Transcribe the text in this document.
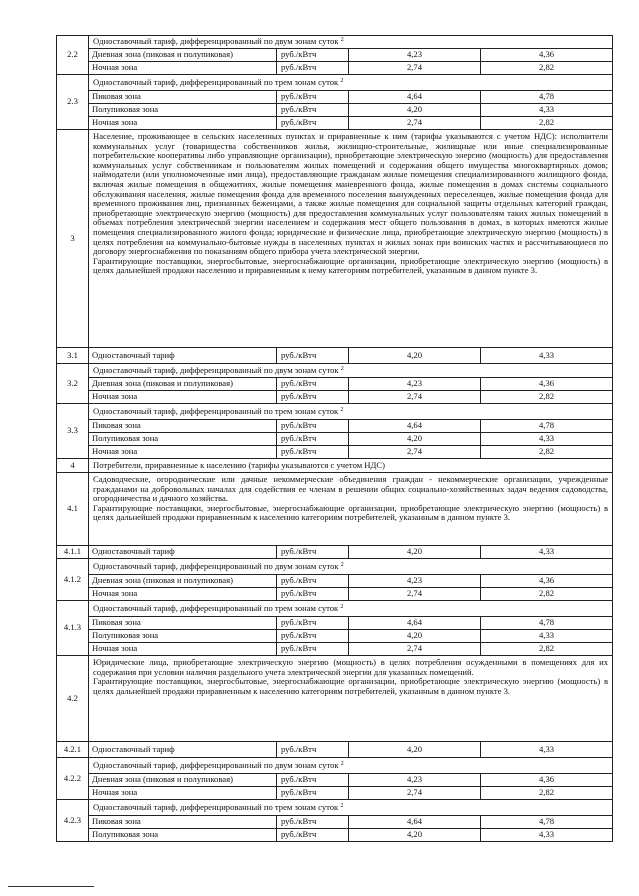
2.2	Одноставочный тариф, дифференцированный по двум зонам суток $^2$
	Дневная зона (пиковая и полупиковая)	руб./кВтч	4,23	4,36
	Ночная зона	руб./кВтч	2,74	2,82
2.3	Одноставочный тариф, дифференцированный по трем зонам суток $^2$
	Пиковая зона	руб./кВтч	4,64	4,78
	Полупиковая зона	руб./кВтч	4,20	4,33
	Ночная зона	руб./кВтч	2,74	2,82
3	Население, проживающее в сельских населенных пунктах и приравненные к ним (тарифы указываются с учетом НДС): исполнители коммунальных услуг (товарищества собственников жилья, жилищно-строительные, жилищные или иные специализированные потребительские кооперативы либо управляющие организации), приобретающие электрическую энергию (мощность) для предоставления коммунальных услуг собственникам и пользователям жилых помещений и содержания общего имущества многоквартирных домов; наймодатели (или уполномоченные ими лица), предоставляющие гражданам жилые помещения специализированного жилищного фонда, включая жилые помещения в общежитиях, жилые помещения маневренного фонда, жилые помещения в домах системы социального обслуживания населения, жилые помещения фонда для временного поселения вынужденных переселенцев, жилые помещения фонда для временного проживания лиц, признанных беженцами, а также жилые помещения для социальной защиты отдельных категорий граждан, приобретающие электрическую энергию (мощность) для предоставления коммунальных услуг пользователям таких жилых помещений в объемах потребления электрической энергии населением и содержания мест общего пользования в домах, в которых имеются жилые помещения специализированного жилого фонда; юридические и физические лица, приобретающие электрическую энергию (мощность) в целях потребления на коммунально-бытовые нужды в населенных пунктах и жилых зонах при воинских частях и рассчитывающиеся по договору энергоснабжения по показаниям общего прибора учета электрической энергии.

Гарантирующие поставщики, энергосбытовые, энергоснабжающие организации, приобретающие электрическую энергию (мощность) в целях дальнейшей продажи населению и приравненным к нему категориям потребителей, указанным в данном пункте 3.			

3.1	Одноставочный тариф	руб./кВтч	4,20	4,33
3.2	Одноставочный тариф, дифференцированный по двум зонам суток $^2$
	Дневная зона (пиковая и полупиковая)	руб./кВтч	4,23	4,36
	Ночная зона	руб./кВтч	2,74	2,82
3.3	Одноставочный тариф, дифференцированный по трем зонам суток $^2$
	Пиковая зона	руб./кВтч	4,64	4,78
	Полупиковая зона	руб./кВтч	4,20	4,33
	Ночная зона	руб./кВтч	2,74	2,82
4	Потребители, приравненные к населению (тарифы указываются с учетом НДС)			
4.1	Садоводческие, огороднические или дачные некоммерческие объединения граждан - некоммерческие организации, учрежденные гражданами на добровольных началах для содействия ее членам в решении общих социально-хозяйственных задач ведения садоводства, огородничества и дачного хозяйства.

Гарантирующие поставщики, энергосбытовые, энергоснабжающие организации, приобретающие электрическую энергию (мощность) в целях дальнейшей продажи приравненным к населению категориям потребителей, указанным в данном пункте 3.			

4.1.1	Одноставочный тариф	руб./кВтч	4,20	4,33
4.1.2	Одноставочный тариф, дифференцированный по двум зонам суток $^2$
	Дневная зона (пиковая и полупиковая)	руб./кВтч	4,23	4,36
	Ночная зона	руб./кВтч	2,74	2,82
4.1.3	Одноставочный тариф, дифференцированный по трем зонам суток $^2$
	Пиковая зона	руб./кВтч	4,64	4,78
	Полупиковая зона	руб./кВтч	4,20	4,33
	Ночная зона	руб./кВтч	2,74	2,82
4.2	Юридические лица, приобретающие электрическую энергию (мощность) в целях потребления осужденными в помещениях для их содержания при условии наличия раздельного учета электрической энергии для указанных помещений.

Гарантирующие поставщики, энергосбытовые, энергоснабжающие организации, приобретающие электрическую энергию (мощность) в целях дальнейшей продажи приравненным к населению категориям потребителей, указанным в данном пункте 3.			

4.2.1	Одноставочный тариф	руб./кВтч	4,20	4,33
4.2.2	Одноставочный тариф, дифференцированный по двум зонам суток $^2$
	Дневная зона (пиковая и полупиковая)	руб./кВтч	4,23	4,36
	Ночная зона	руб./кВтч	2,74	2,82
4.2.3	Одноставочный тариф, дифференцированный по трем зонам суток $^2$
	Пиковая зона	руб./кВтч	4,64	4,78
	Полупиковая зона	руб./кВтч	4,20	4,33
